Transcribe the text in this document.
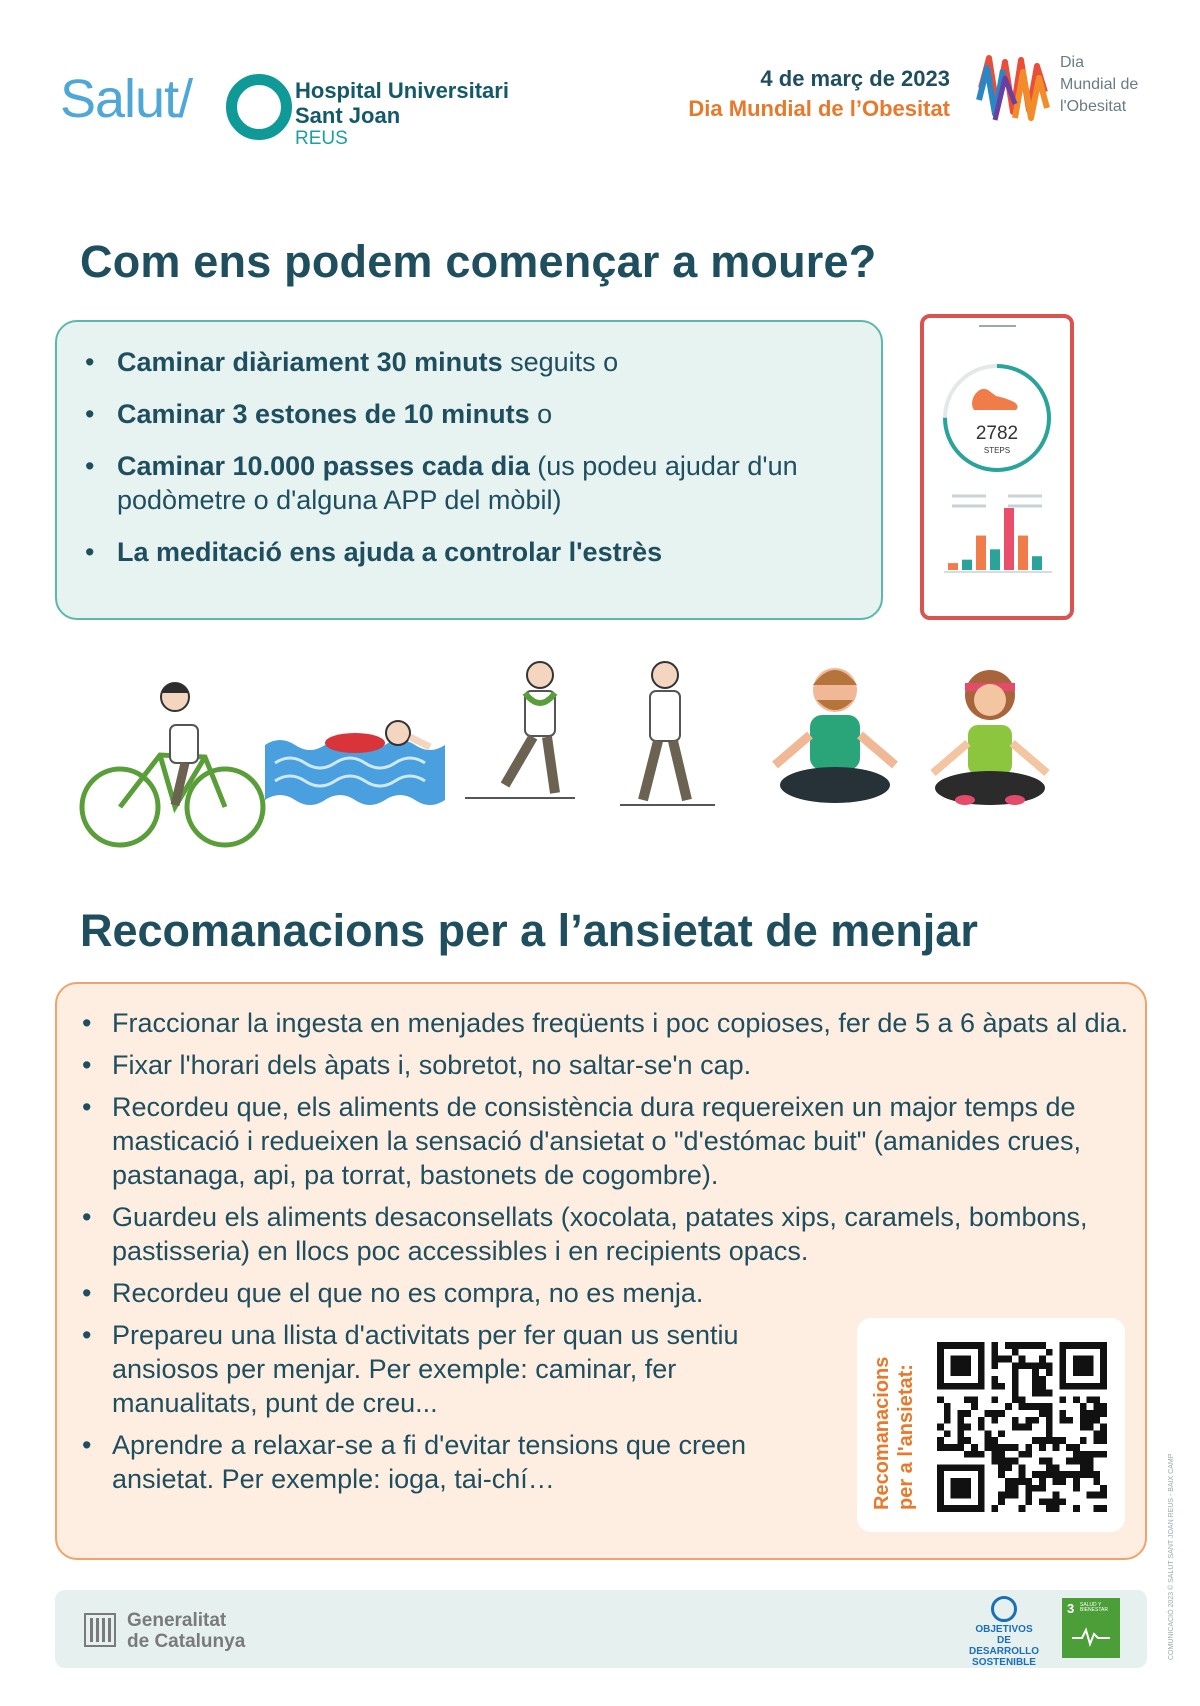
Salut/	Hospital Universitari
Sant Joan
REUS
4 de març de 2023
Dia Mundial de l’Obesitat
Dia
Mundial de
l'Obesitat
Com ens podem començar a moure?
• Caminar diàriament 30 minuts seguits o
• Caminar 3 estones de 10 minuts o
• Caminar 10.000 passes cada dia (us podeu ajudar d'un podòmetre o d'alguna APP del mòbil)
• La meditació ens ajuda a controlar l'estrès
2782
STEPS
Recomanacions per a l’ansietat de menjar
• Fraccionar la ingesta en menjades freqüents i poc copioses, fer de 5 a 6 àpats al dia.
• Fixar l'horari dels àpats i, sobretot, no saltar-se'n cap.
• Recordeu que, els aliments de consistència dura requereixen un major temps de masticació i redueixen la sensació d'ansietat o "d'estómac buit" (amanides crues, pastanaga, api, pa torrat, bastonets de cogombre).
• Guardeu els aliments desaconsellats (xocolata, patates xips, caramels, bombons, pastisseria) en llocs poc accessibles i en recipients opacs.
• Recordeu que el que no es compra, no es menja.
• Prepareu una llista d'activitats per fer quan us sentiu ansiosos per menjar. Per exemple: caminar, fer manualitats, punt de creu...
• Aprendre a relaxar-se a fi d'evitar tensions que creen ansietat. Per exemple: ioga, tai-chí…	Recomanacions per a l'ansietat:
Generalitat
de Catalunya
OBJETIVOS
DE DESARROLLO
SOSTENIBLE
3 SALUD Y BIENESTAR	COMUNICACIÓ 2023 © SALUT SANT JOAN REUS - BAIX CAMP
